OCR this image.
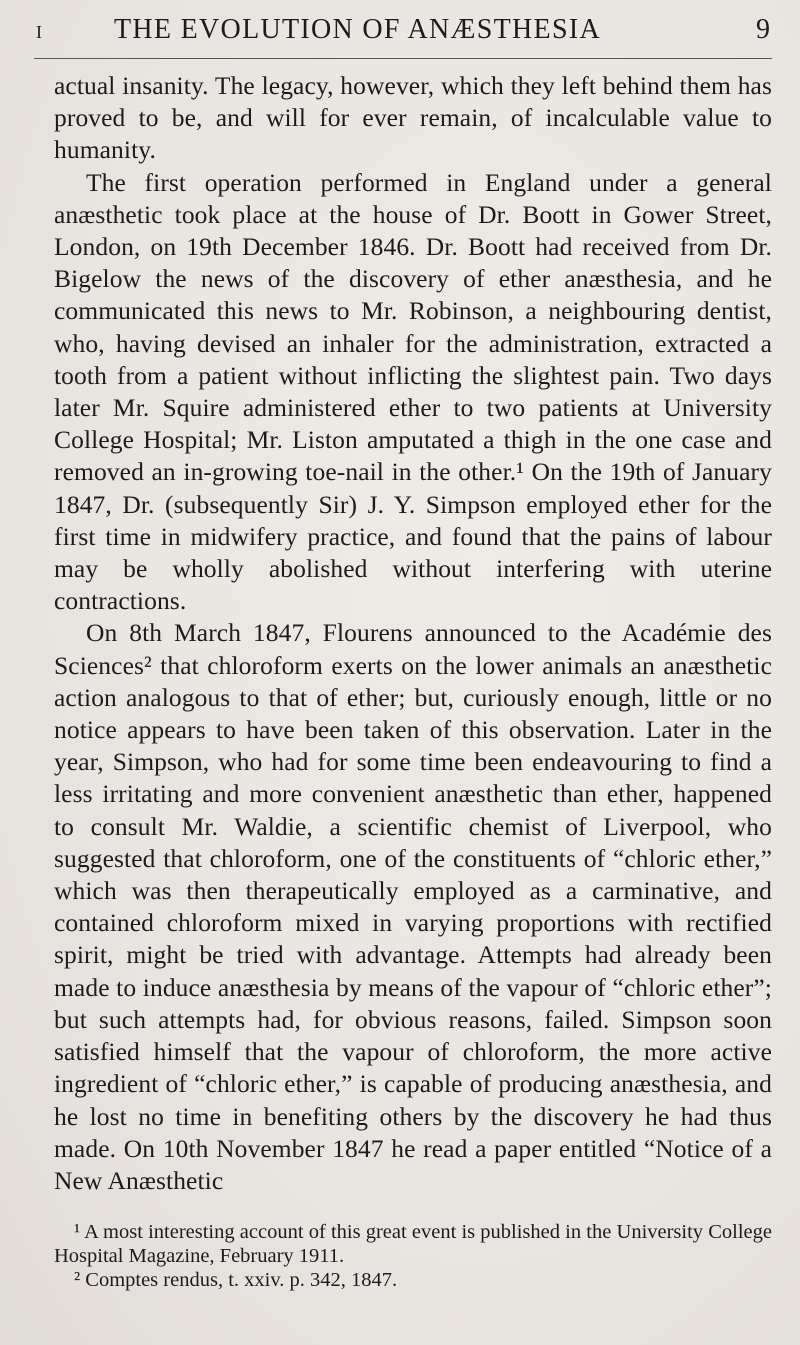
I	THE EVOLUTION OF ANÆSTHESIA	9

actual insanity. The legacy, however, which they left behind them has proved to be, and will for ever remain, of incalculable value to humanity.

The first operation performed in England under a general anæsthetic took place at the house of Dr. Boott in Gower Street, London, on 19th December 1846. Dr. Boott had received from Dr. Bigelow the news of the discovery of ether anæsthesia, and he communicated this news to Mr. Robinson, a neighbouring dentist, who, having devised an inhaler for the administration, extracted a tooth from a patient without inflicting the slightest pain. Two days later Mr. Squire administered ether to two patients at University College Hospital; Mr. Liston amputated a thigh in the one case and removed an in-growing toe-nail in the other.¹ On the 19th of January 1847, Dr. (subsequently Sir) J. Y. Simpson employed ether for the first time in midwifery practice, and found that the pains of labour may be wholly abolished without interfering with uterine contractions.

On 8th March 1847, Flourens announced to the Académie des Sciences² that chloroform exerts on the lower animals an anæsthetic action analogous to that of ether; but, curiously enough, little or no notice appears to have been taken of this observation. Later in the year, Simpson, who had for some time been endeavouring to find a less irritating and more convenient anæsthetic than ether, happened to consult Mr. Waldie, a scientific chemist of Liverpool, who suggested that chloroform, one of the constituents of “chloric ether,” which was then therapeutically employed as a carminative, and contained chloroform mixed in varying proportions with rectified spirit, might be tried with advantage. Attempts had already been made to induce anæsthesia by means of the vapour of “chloric ether”; but such attempts had, for obvious reasons, failed. Simpson soon satisfied himself that the vapour of chloroform, the more active ingredient of “chloric ether,” is capable of producing anæsthesia, and he lost no time in benefiting others by the discovery he had thus made. On 10th November 1847 he read a paper entitled “Notice of a New Anæsthetic

¹ A most interesting account of this great event is published in the University College Hospital Magazine, February 1911.

² Comptes rendus, t. xxiv. p. 342, 1847.
